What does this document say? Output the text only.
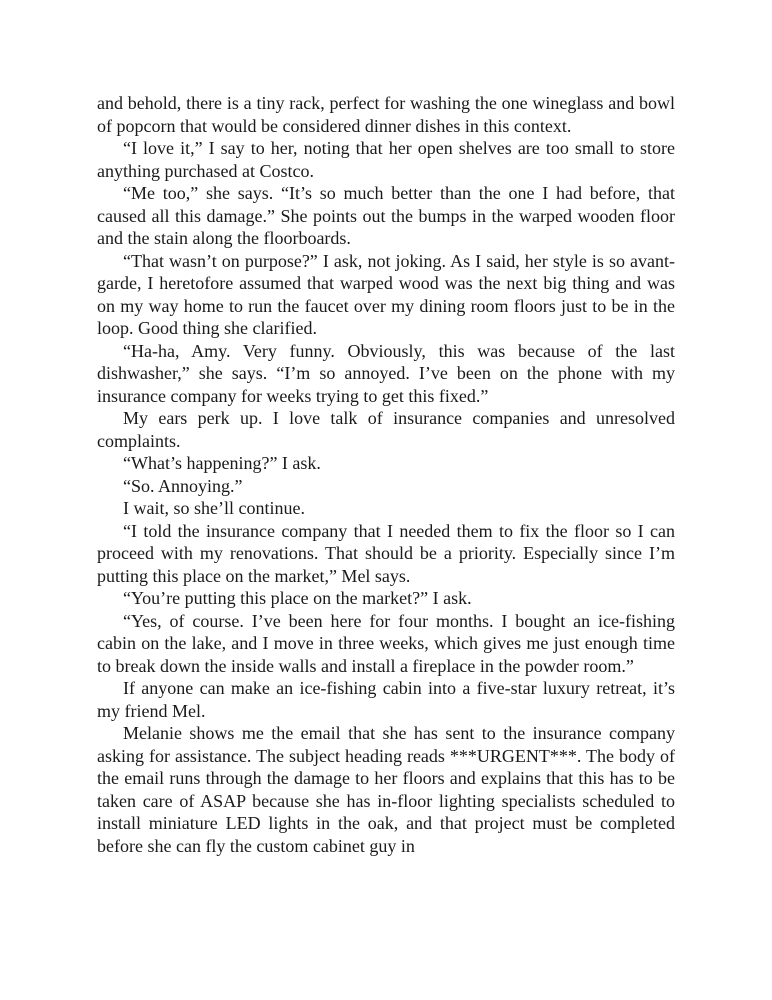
and behold, there is a tiny rack, perfect for washing the one wineglass and bowl of popcorn that would be considered dinner dishes in this context.

“I love it,” I say to her, noting that her open shelves are too small to store anything purchased at Costco.

“Me too,” she says. “It’s so much better than the one I had before, that caused all this damage.” She points out the bumps in the warped wooden floor and the stain along the floorboards.

“That wasn’t on purpose?” I ask, not joking. As I said, her style is so avant-garde, I heretofore assumed that warped wood was the next big thing and was on my way home to run the faucet over my dining room floors just to be in the loop. Good thing she clarified.

“Ha-ha, Amy. Very funny. Obviously, this was because of the last dishwasher,” she says. “I’m so annoyed. I’ve been on the phone with my insurance company for weeks trying to get this fixed.”

My ears perk up. I love talk of insurance companies and unresolved complaints.

“What’s happening?” I ask.

“So. Annoying.”

I wait, so she’ll continue.

“I told the insurance company that I needed them to fix the floor so I can proceed with my renovations. That should be a priority. Especially since I’m putting this place on the market,” Mel says.

“You’re putting this place on the market?” I ask.

“Yes, of course. I’ve been here for four months. I bought an ice-fishing cabin on the lake, and I move in three weeks, which gives me just enough time to break down the inside walls and install a fireplace in the powder room.”

If anyone can make an ice-fishing cabin into a five-star luxury retreat, it’s my friend Mel.

Melanie shows me the email that she has sent to the insurance company asking for assistance. The subject heading reads ***URGENT***. The body of the email runs through the damage to her floors and explains that this has to be taken care of ASAP because she has in-floor lighting specialists scheduled to install miniature LED lights in the oak, and that project must be completed before she can fly the custom cabinet guy in
